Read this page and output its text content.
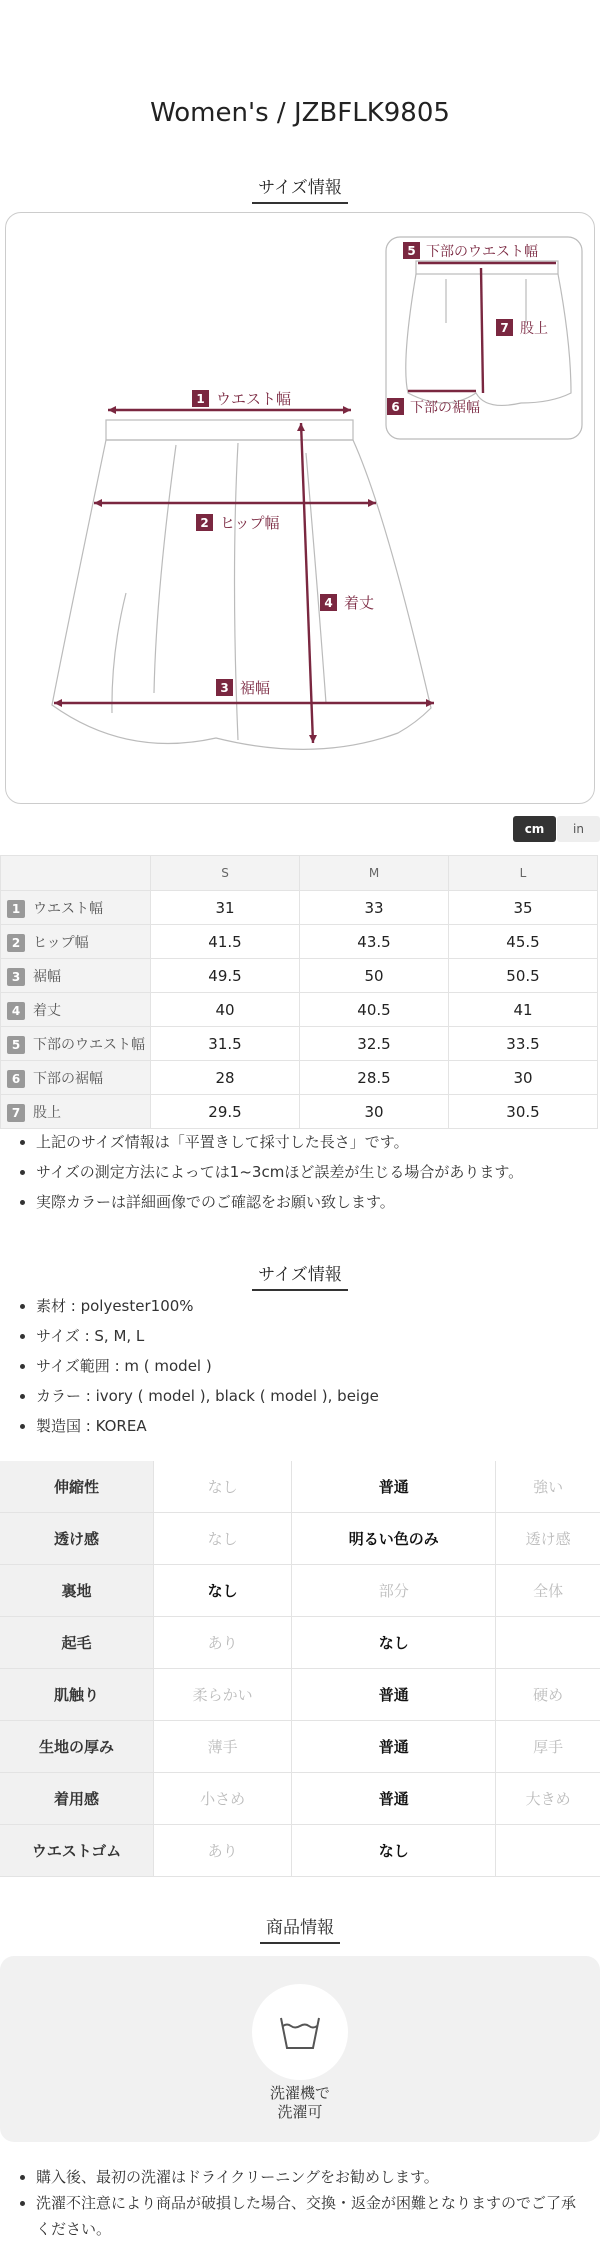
Women's / JZBFLK9805
サイズ情報
1 ウエスト幅
2 ヒップ幅
3 裾幅
4 着丈
5 下部のウエスト幅
6 下部の裾幅
7 股上
cm	in
	S	M	L
1 ウエスト幅	31	33	35
2 ヒップ幅	41.5	43.5	45.5
3 裾幅	49.5	50	50.5
4 着丈	40	40.5	41
5 下部のウエスト幅	31.5	32.5	33.5
6 下部の裾幅	28	28.5	30
7 股上	29.5	30	30.5
• 上記のサイズ情報は「平置きして採寸した長さ」です。
• サイズの測定方法によっては1~3cmほど誤差が生じる場合があります。
• 実際カラーは詳細画像でのご確認をお願い致します。
サイズ情報
• 素材 : polyester100%
• サイズ : S, M, L
• サイズ範囲 : m ( model )
• カラー : ivory ( model ), black ( model ), beige
• 製造国 : KOREA
伸縮性	なし	普通	強い
透け感	なし	明るい色のみ	透け感
裏地	なし	部分	全体
起毛	あり	なし	
肌触り	柔らかい	普通	硬め
生地の厚み	薄手	普通	厚手
着用感	小さめ	普通	大きめ
ウエストゴム	あり	なし	
商品情報
洗濯機で
洗濯可
• 購入後、最初の洗濯はドライクリーニングをお勧めします。
• 洗濯不注意により商品が破損した場合、交換・返金が困難となりますのでご了承ください。
